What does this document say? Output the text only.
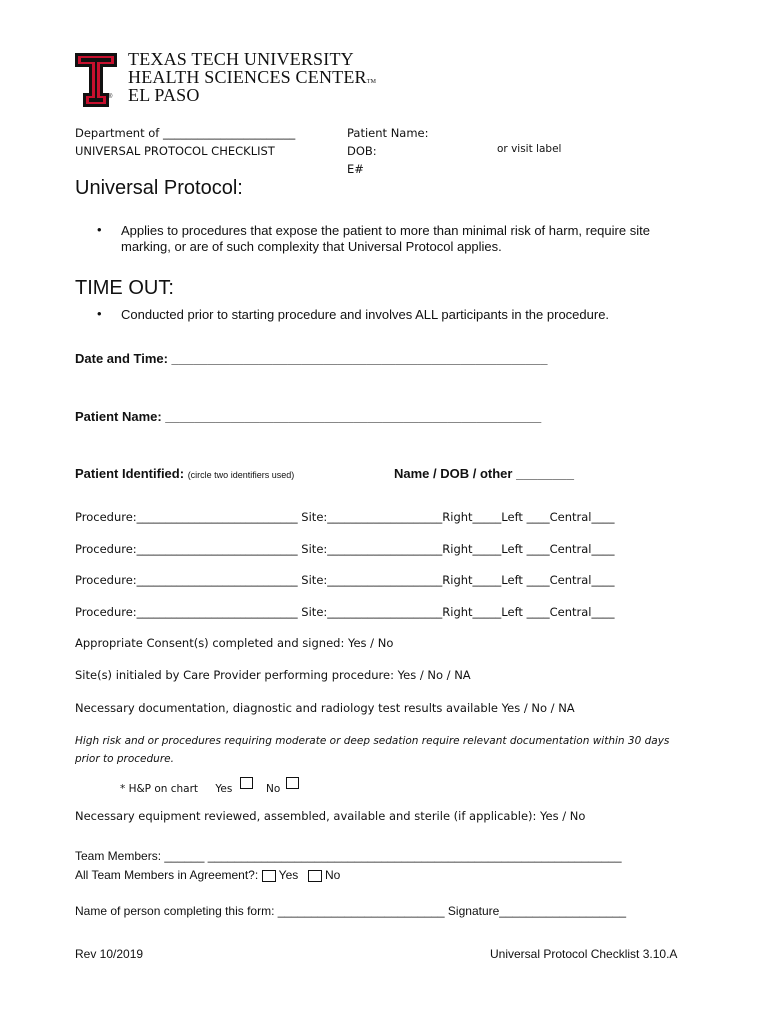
®
TEXAS TECH UNIVERSITY
HEALTH SCIENCES CENTERTM
EL PASO
Department of _______________________
UNIVERSAL PROTOCOL CHECKLIST
Patient Name:
DOB:
E#
or visit label
Universal Protocol:
• Applies to procedures that expose the patient to more than minimal risk of harm, require site
marking, or are of such complexity that Universal Protocol applies.
TIME OUT:
• Conducted prior to starting procedure and involves ALL participants in the procedure.
Date and Time: ____________________________________________________
Patient Name: ____________________________________________________
Patient Identified: (circle two identifiers used)	Name / DOB / other ________
Procedure:____________________________ Site:____________________Right_____Left ____Central____
Procedure:____________________________ Site:____________________Right_____Left ____Central____
Procedure:____________________________ Site:____________________Right_____Left ____Central____
Procedure:____________________________ Site:____________________Right_____Left ____Central____
Appropriate Consent(s) completed and signed: Yes / No
Site(s) initialed by Care Provider performing procedure: Yes / No / NA
Necessary documentation, diagnostic and radiology test results available Yes / No / NA
High risk and or procedures requiring moderate or deep sedation require relevant documentation within 30 days
prior to procedure.
* H&P on chart Yes	No
Necessary equipment reviewed, assembled, available and sterile (if applicable): Yes / No
Team Members: ______ ______________________________________________________________
All Team Members in Agreement?: Yes No
Name of person completing this form: _________________________ Signature___________________
Rev 10/2019	Universal Protocol Checklist 3.10.A
